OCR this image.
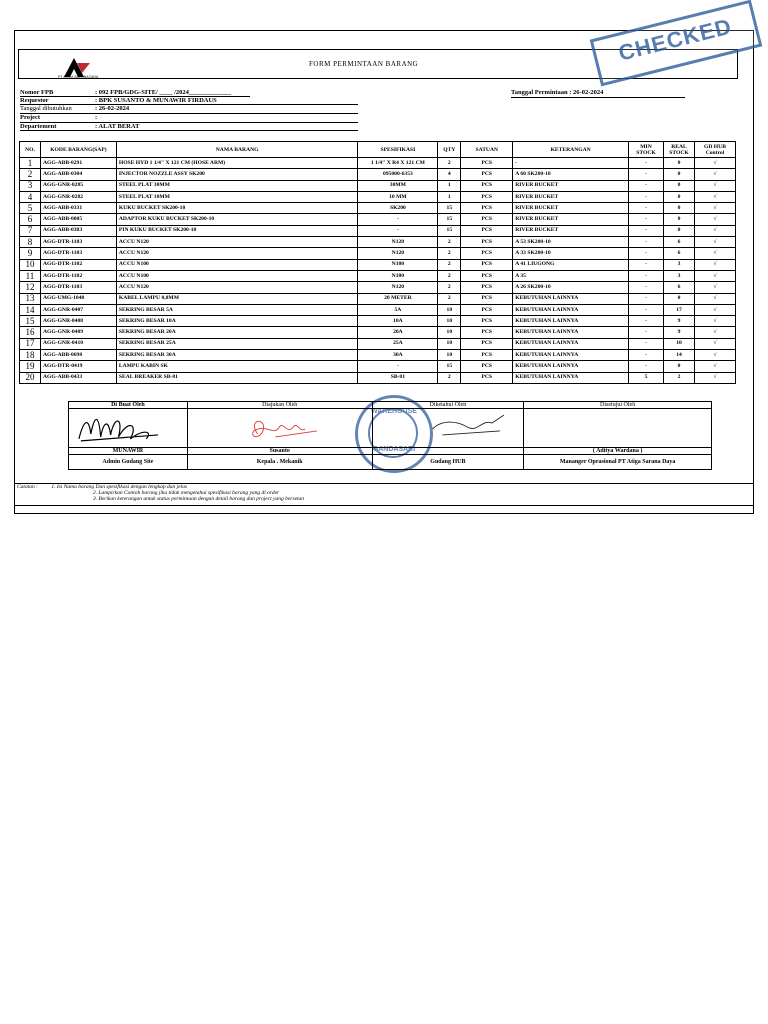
PT ATIGA SARANA DAYA
FORM PERMINTAAN BARANG	CHECKED
Nomor FPB	: 092 FPB/GDG-SITE/ ____ /2024_____________
Requestor	: BPK SUSANTO & MUNAWIR FIRDAUS
Tanggal dibutuhkan	: 26-02-2024
Project	:
Departement	: ALAT BERAT
Tanggal Permintaan : 26-02-2024
NO.	KODE BARANG(SAP)	NAMA BARANG	SPESIFIKASI	QTY	SATUAN	KETERANGAN	MIN STOCK	REAL STOCK	GD HUB Control
1	AGG-ABB-0291	HOSE HYD 1 1/4" X 121 CM (HOSE ARM)	1 1/4" X R4 X 121 CM	2	PCS	-	-	0	√
2	AGG-ABB-0304	INJECTOR NOZZLE ASSY SK200	095000-6353	4	PCS	A 60 SK200-10	-	0	√
3	AGG-GNR-0285	STEEL PLAT 30MM	30MM	1	PCS	RIVER BUCKET	-	0	√
4	AGG-GNR-0282	STEEL PLAT 10MM	10 MM	1	PCS	RIVER BUCKET	-	0	√
5	AGG-ABB-0331	KUKU BUCKET SK200-10	SK200	15	PCS	RIVER BUCKET	-	0	√
6	AGG-ABB-0005	ADAPTOR KUKU BUCKET SK200-10	-	15	PCS	RIVER BUCKET	-	0	√
7	AGG-ABB-0383	PIN KUKU BUCKET SK200-10	-	15	PCS	RIVER BUCKET	-	0	√
8	AGG-DTR-1103	ACCU N120	N120	2	PCS	A 53 SK200-10	-	6	√
9	AGG-DTR-1103	ACCU N120	N120	2	PCS	A 33 SK200-10	-	6	√
10	AGG-DTR-1102	ACCU N100	N100	2	PCS	A 41 LIUGONG	-	3	√
11	AGG-DTR-1102	ACCU N100	N100	2	PCS	A 35	-	3	√
12	AGG-DTR-1103	ACCU N120	N120	2	PCS	A 26 SK200-10	-	6	√
13	AGG-UMG-1048	KABEL LAMPU 0,8MM	20 METER	2	PCS	KEBUTUHAN LAINNYA	-	0	√
14	AGG-GNR-0407	SEKRING BESAR 5A	5A	10	PCS	KEBUTUHAN LAINNYA	-	17	√
15	AGG-GNR-0408	SEKRING BESAR 10A	10A	10	PCS	KEBUTUHAN LAINNYA	-	9	√
16	AGG-GNR-0409	SEKRING BESAR 20A	20A	10	PCS	KEBUTUHAN LAINNYA	-	9	√
17	AGG-GNR-0410	SEKRING BESAR 25A	25A	10	PCS	KEBUTUHAN LAINNYA	-	10	√
18	AGG-ABB-0698	SEKRING BESAR 30A	30A	10	PCS	KEBUTUHAN LAINNYA	-	14	√
19	AGG-DTR-0419	LAMPU KABIN SK	-	15	PCS	KEBUTUHAN LAINNYA	-	0	√
20	AGG-ABB-0433	SEAL BREAKER SB-81	SB-81	2	PCS	KEBUTUHAN LAINNYA	5	2	√
WAREHOUSE
GANDASARI
Di Buat Oleh	Diajukan Oleh	Diketahui Oleh	Disetujui Oleh

MUNAWIR	Susanto		( Aditya Wardana )
Admin Gudang Site	Kepala . Mekanik	Gudang HUB	Mananger Oprasional PT Atiga Sarana Daya
Catatan : 1. Isi Nama barang Dan spesifikasi dengan lengkap dan jelas
2. Lampirkan Contoh barang jika tidak mengetahui spesifikasi barang yang di order
3. Berikan keterangan untuk status permintaan dengan detail barang dan project yang bersetan
